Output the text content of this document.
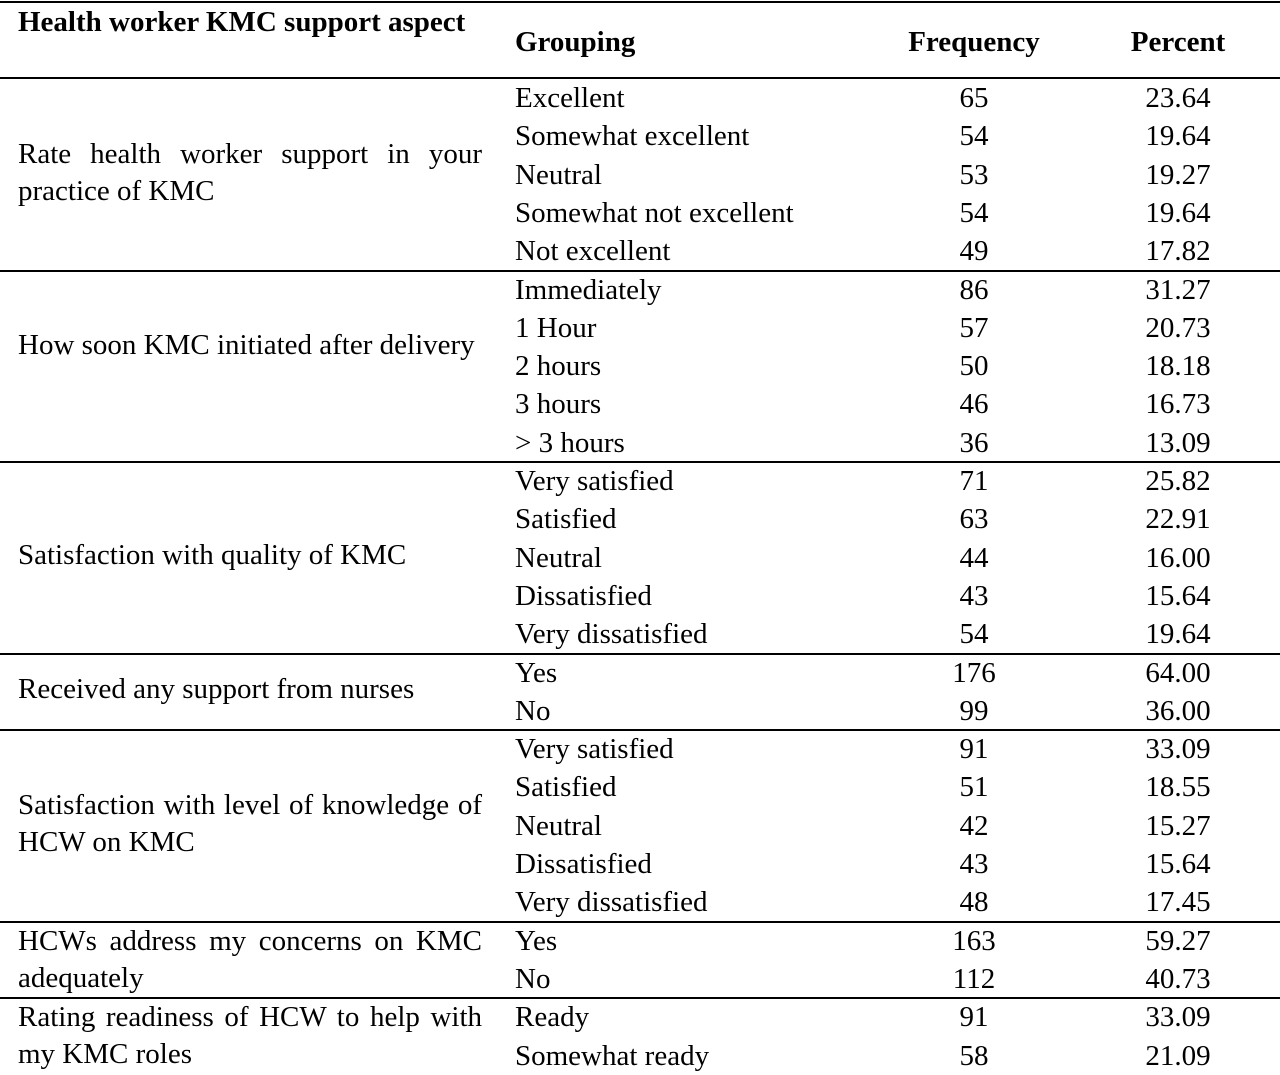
Health worker KMC support aspect
Grouping	Frequency	Percent
Rate health worker support in your practice of KMC
Excellent	65	23.64
Somewhat excellent	54	19.64
Neutral	53	19.27
Somewhat not excellent	54	19.64
Not excellent	49	17.82
How soon KMC initiated after delivery
Immediately	86	31.27
1 Hour	57	20.73
2 hours	50	18.18
3 hours	46	16.73
> 3 hours	36	13.09
Satisfaction with quality of KMC
Very satisfied	71	25.82
Satisfied	63	22.91
Neutral	44	16.00
Dissatisfied	43	15.64
Very dissatisfied	54	19.64
Received any support from nurses
Yes	176	64.00
No	99	36.00
Satisfaction with level of knowledge of HCW on KMC
Very satisfied	91	33.09
Satisfied	51	18.55
Neutral	42	15.27
Dissatisfied	43	15.64
Very dissatisfied	48	17.45
HCWs address my concerns on KMC adequately
Yes	163	59.27
No	112	40.73
Rating readiness of HCW to help with my KMC roles
Ready	91	33.09
Somewhat ready	58	21.09
